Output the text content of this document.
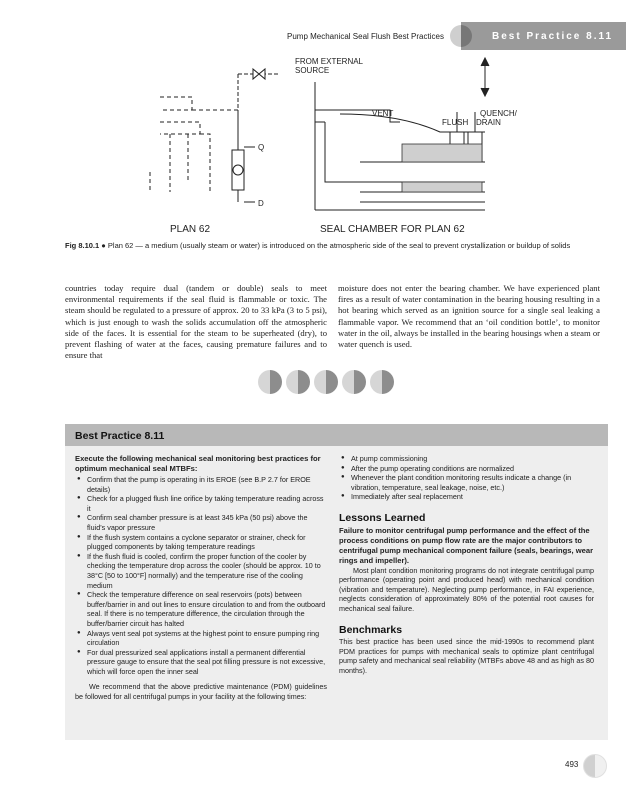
Pump Mechanical Seal Flush Best Practices	Best Practice 8.11
FROM EXTERNAL
SOURCE
VENT	QUENCH/
FLUSH DRAIN
Q
D
PLAN 62	SEAL CHAMBER FOR PLAN 62
Fig 8.10.1 ● Plan 62 — a medium (usually steam or water) is introduced on the atmospheric side of the seal to prevent crystallization or buildup of solids
countries today require dual (tandem or double) seals to meet environmental requirements if the seal fluid is flammable or toxic. The steam should be regulated to a pressure of approx. 20 to 33 kPa (3 to 5 psi), which is just enough to wash the solids accumulation off the atmospheric side of the faces. It is essential for the steam to be superheated (dry), to prevent flashing of water at the faces, causing premature failures and to ensure that
moisture does not enter the bearing chamber. We have experienced plant fires as a result of water contamination in the bearing housing resulting in a hot bearing which served as an ignition source for a single seal leaking a flammable vapor. We recommend that an ‘oil condition bottle’, to monitor water in the oil, always be installed in the bearing housings when a steam or water quench is used.
Best Practice 8.11
Execute the following mechanical seal monitoring best practices for optimum mechanical seal MTBFs:
● Confirm that the pump is operating in its EROE (see B.P 2.7 for EROE details)
● Check for a plugged flush line orifice by taking temperature reading across it
● Confirm seal chamber pressure is at least 345 kPa (50 psi) above the fluid’s vapor pressure
● If the flush system contains a cyclone separator or strainer, check for plugged components by taking temperature readings
● If the flush fluid is cooled, confirm the proper function of the cooler by checking the temperature drop across the cooler (should be approx. 10 to 38°C [50 to 100°F] normally) and the temperature rise of the cooling medium
● Check the temperature difference on seal reservoirs (pots) between buffer/barrier in and out lines to ensure circulation to and from the outboard seal. If there is no temperature difference, the circulation through the buffer/barrier circuit has halted
● Always vent seal pot systems at the highest point to ensure pumping ring circulation
● For dual pressurized seal applications install a permanent differential pressure gauge to ensure that the seal pot filling pressure is not excessive, which will force open the inner seal
We recommend that the above predictive maintenance (PDM) guidelines be followed for all centrifugal pumps in your facility at the following times:
● At pump commissioning
● After the pump operating conditions are normalized
● Whenever the plant condition monitoring results indicate a change (in vibration, temperature, seal leakage, noise, etc.)
● Immediately after seal replacement
Lessons Learned
Failure to monitor centrifugal pump performance and the effect of the process conditions on pump flow rate are the major contributors to centrifugal pump mechanical component failure (seals, bearings, wear rings and impeller).
Most plant condition monitoring programs do not integrate centrifugal pump performance (operating point and produced head) with mechanical condition (vibration and temperature). Neglecting pump performance, in FAI experience, neglects consideration of approximately 80% of the potential root causes for mechanical seal failure.
Benchmarks
This best practice has been used since the mid-1990s to recommend plant PDM practices for pumps with mechanical seals to optimize plant centrifugal pump safety and mechanical seal reliability (MTBFs above 48 and as high as 80 months).
493
